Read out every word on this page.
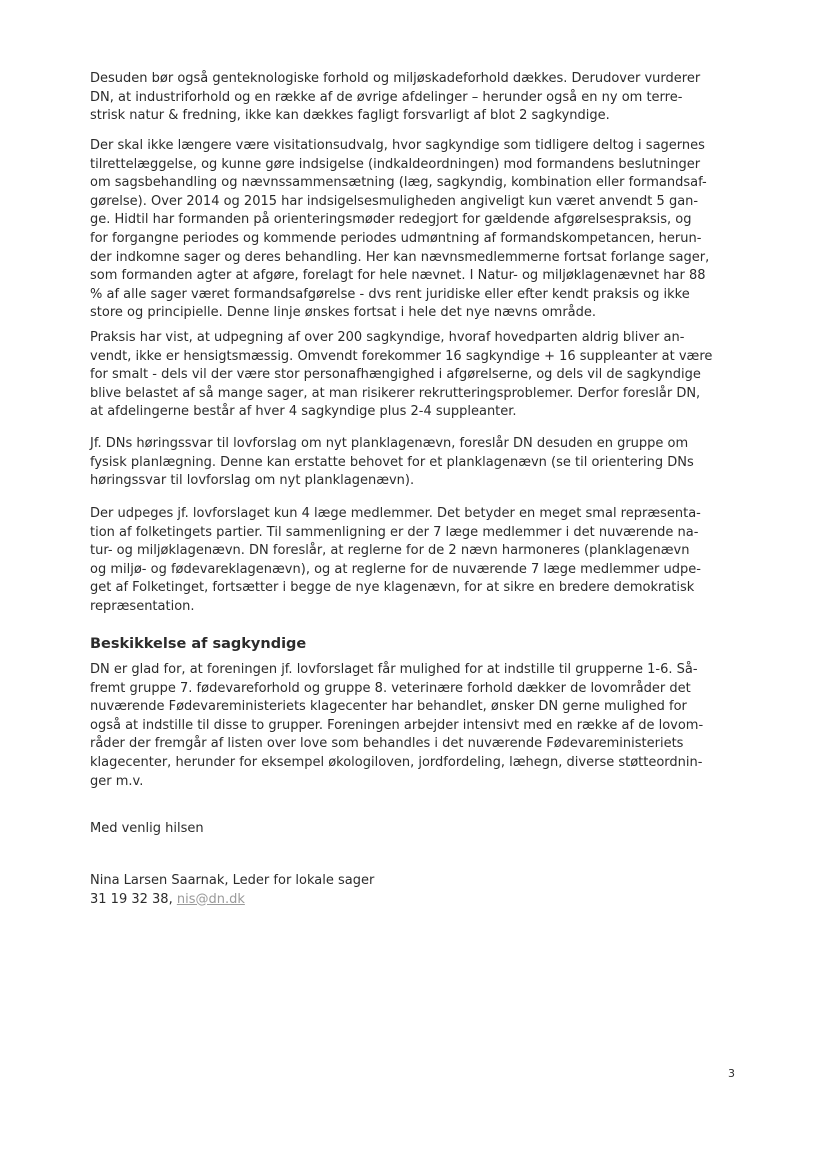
Desuden bør også genteknologiske forhold og miljøskadeforhold dækkes. Derudover vurderer
DN, at industriforhold og en række af de øvrige afdelinger – herunder også en ny om terre-
strisk natur & fredning, ikke kan dækkes fagligt forsvarligt af blot 2 sagkyndige.
Der skal ikke længere være visitationsudvalg, hvor sagkyndige som tidligere deltog i sagernes
tilrettelæggelse, og kunne gøre indsigelse (indkaldeordningen) mod formandens beslutninger
om sagsbehandling og nævnssammensætning (læg, sagkyndig, kombination eller formandsaf-
gørelse). Over 2014 og 2015 har indsigelsesmuligheden angiveligt kun været anvendt 5 gan-
ge. Hidtil har formanden på orienteringsmøder redegjort for gældende afgørelsespraksis, og
for forgangne periodes og kommende periodes udmøntning af formandskompetancen, herun-
der indkomne sager og deres behandling. Her kan nævnsmedlemmerne fortsat forlange sager,
som formanden agter at afgøre, forelagt for hele nævnet. I Natur- og miljøklagenævnet har 88
% af alle sager været formandsafgørelse - dvs rent juridiske eller efter kendt praksis og ikke
store og principielle. Denne linje ønskes fortsat i hele det nye nævns område.
Praksis har vist, at udpegning af over 200 sagkyndige, hvoraf hovedparten aldrig bliver an-
vendt, ikke er hensigtsmæssig. Omvendt forekommer 16 sagkyndige + 16 suppleanter at være
for smalt - dels vil der være stor personafhængighed i afgørelserne, og dels vil de sagkyndige
blive belastet af så mange sager, at man risikerer rekrutteringsproblemer. Derfor foreslår DN,
at afdelingerne består af hver 4 sagkyndige plus 2-4 suppleanter.
Jf. DNs høringssvar til lovforslag om nyt planklagenævn, foreslår DN desuden en gruppe om
fysisk planlægning. Denne kan erstatte behovet for et planklagenævn (se til orientering DNs
høringssvar til lovforslag om nyt planklagenævn).
Der udpeges jf. lovforslaget kun 4 læge medlemmer. Det betyder en meget smal repræsenta-
tion af folketingets partier. Til sammenligning er der 7 læge medlemmer i det nuværende na-
tur- og miljøklagenævn. DN foreslår, at reglerne for de 2 nævn harmoneres (planklagenævn
og miljø- og fødevareklagenævn), og at reglerne for de nuværende 7 læge medlemmer udpe-
get af Folketinget, fortsætter i begge de nye klagenævn, for at sikre en bredere demokratisk
repræsentation.
Beskikkelse af sagkyndige
DN er glad for, at foreningen jf. lovforslaget får mulighed for at indstille til grupperne 1-6. Så-
fremt gruppe 7. fødevareforhold og gruppe 8. veterinære forhold dækker de lovområder det
nuværende Fødevareministeriets klagecenter har behandlet, ønsker DN gerne mulighed for
også at indstille til disse to grupper. Foreningen arbejder intensivt med en række af de lovom-
råder der fremgår af listen over love som behandles i det nuværende Fødevareministeriets
klagecenter, herunder for eksempel økologiloven, jordfordeling, læhegn, diverse støtteordnin-
ger m.v.
Med venlig hilsen
Nina Larsen Saarnak, Leder for lokale sager
31 19 32 38, nis@dn.dk
3
